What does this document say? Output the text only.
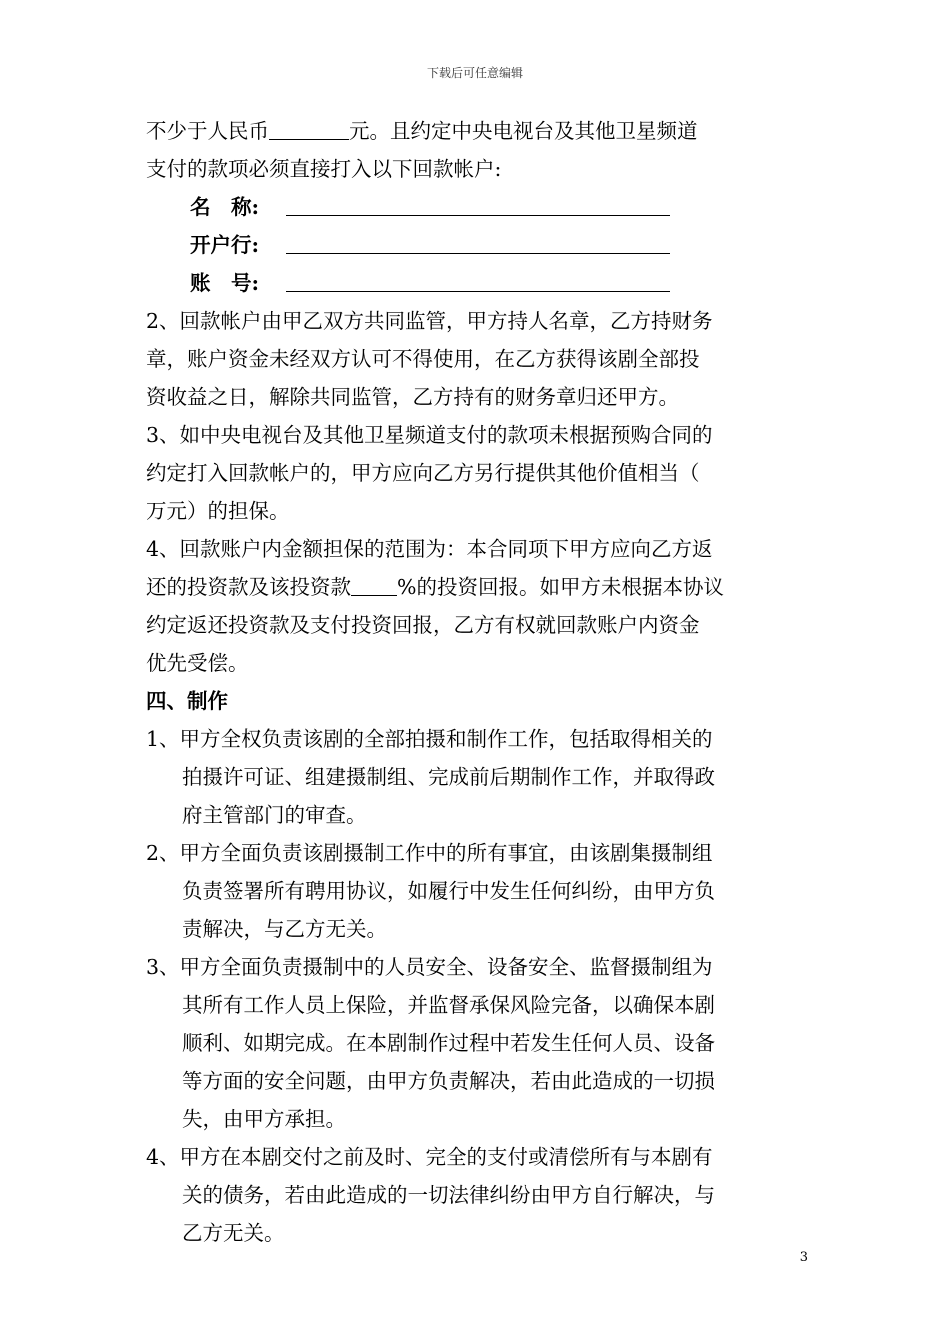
下载后可任意编辑
不少于人民币	元。且约定中央电视台及其他卫星频道
支付的款项必须直接打入以下回款帐户:
名　称:
开户行:
账　号:
2、回款帐户由甲乙双方共同监管，甲方持人名章，乙方持财务
章，账户资金未经双方认可不得使用，在乙方获得该剧全部投
资收益之日，解除共同监管，乙方持有的财务章归还甲方。
3、如中央电视台及其他卫星频道支付的款项未根据预购合同的
约定打入回款帐户的，甲方应向乙方另行提供其他价值相当（
万元）的担保。
4、回款账户内金额担保的范围为：本合同项下甲方应向乙方返
还的投资款及该投资款 %的投资回报。如甲方未根据本协议
约定返还投资款及支付投资回报，乙方有权就回款账户内资金
优先受偿。
四、制作
1、甲方全权负责该剧的全部拍摄和制作工作，包括取得相关的
拍摄许可证、组建摄制组、完成前后期制作工作，并取得政
府主管部门的审查。
2、甲方全面负责该剧摄制工作中的所有事宜，由该剧集摄制组
负责签署所有聘用协议，如履行中发生任何纠纷，由甲方负
责解决，与乙方无关。
3、甲方全面负责摄制中的人员安全、设备安全、监督摄制组为
其所有工作人员上保险，并监督承保风险完备，以确保本剧
顺利、如期完成。在本剧制作过程中若发生任何人员、设备
等方面的安全问题，由甲方负责解决，若由此造成的一切损
失，由甲方承担。
4、甲方在本剧交付之前及时、完全的支付或清偿所有与本剧有
关的债务，若由此造成的一切法律纠纷由甲方自行解决，与
乙方无关。
3
